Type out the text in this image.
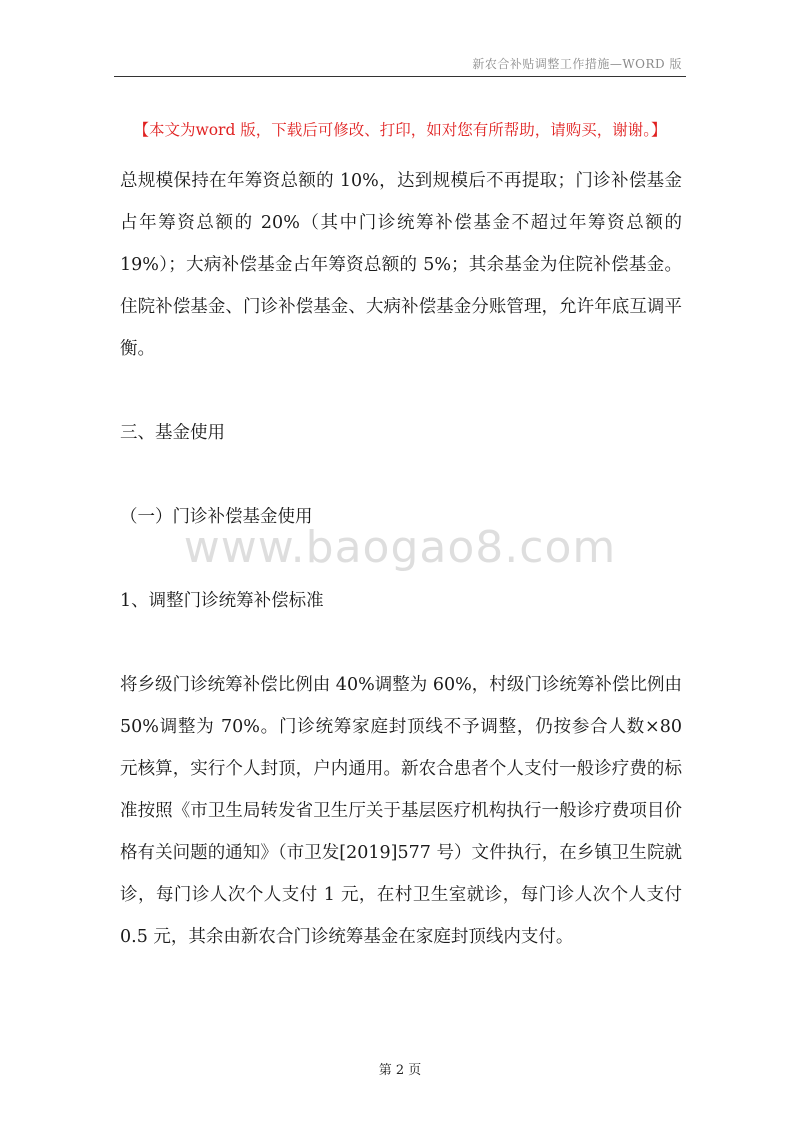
新农合补贴调整工作措施—WORD 版
【本文为word 版，下载后可修改、打印，如对您有所帮助，请购买，谢谢。】

总规模保持在年筹资总额的 10%，达到规模后不再提取；门诊补偿基金占年筹资总额的 20%（其中门诊统筹补偿基金不超过年筹资总额的 19%）；大病补偿基金占年筹资总额的 5%；其余基金为住院补偿基金。住院补偿基金、门诊补偿基金、大病补偿基金分账管理，允许年底互调平衡。

三、基金使用

（一）门诊补偿基金使用

1、调整门诊统筹补偿标准

将乡级门诊统筹补偿比例由 40%调整为 60%，村级门诊统筹补偿比例由 50%调整为 70%。门诊统筹家庭封顶线不予调整，仍按参合人数×80 元核算，实行个人封顶，户内通用。新农合患者个人支付一般诊疗费的标准按照《市卫生局转发省卫生厅关于基层医疗机构执行一般诊疗费项目价格有关问题的通知》（市卫发[2019]577 号）文件执行，在乡镇卫生院就诊，每门诊人次个人支付 1 元，在村卫生室就诊，每门诊人次个人支付 0.5 元，其余由新农合门诊统筹基金在家庭封顶线内支付。

www.baogao8.com
第 2 页
